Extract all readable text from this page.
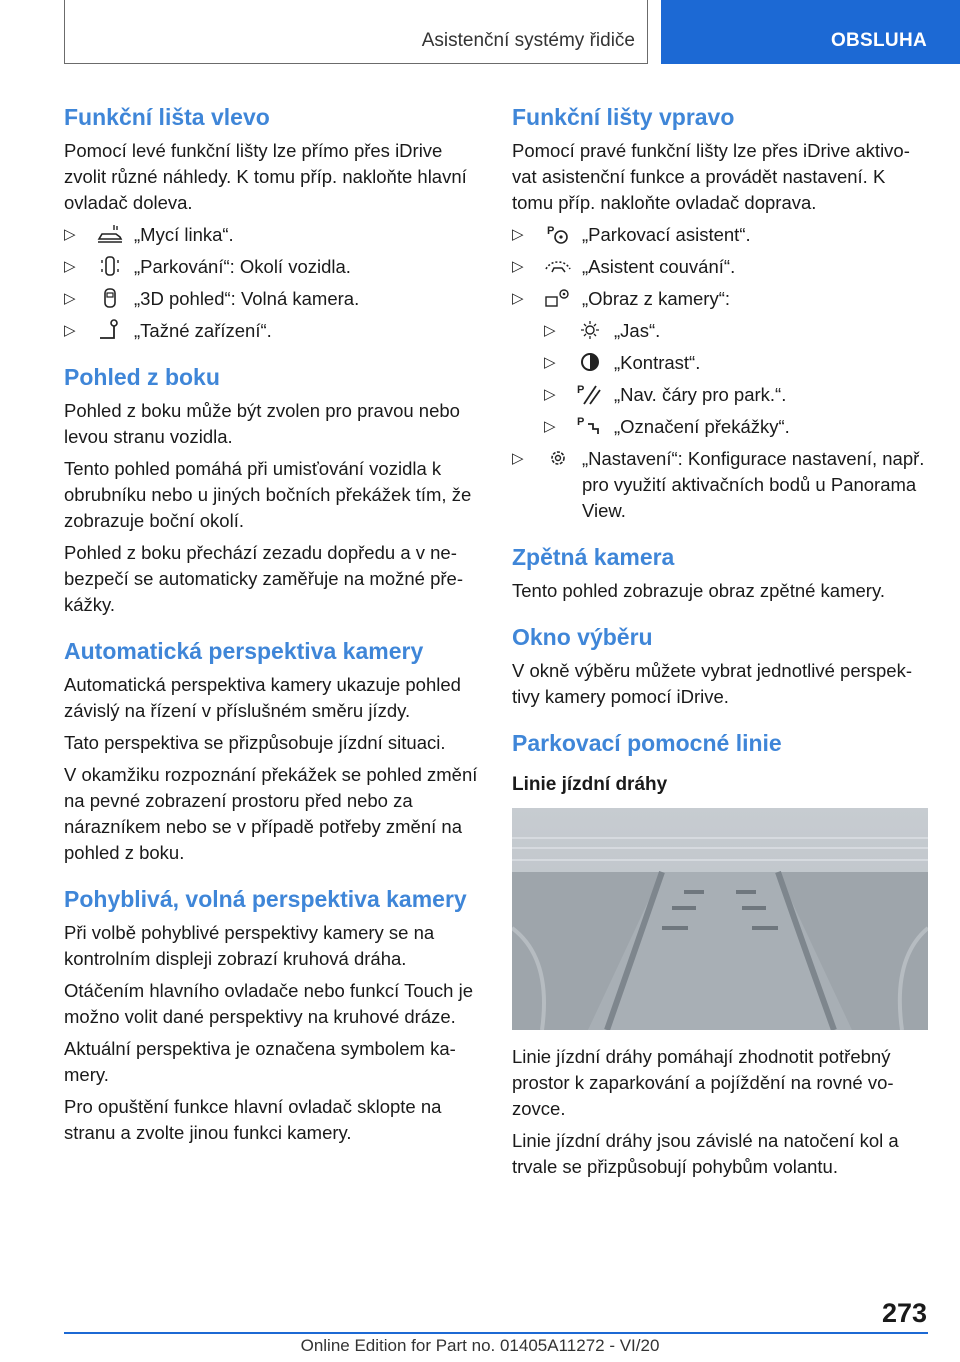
Asistenční systémy řidiče	OBSLUHA
Funkční lišta vlevo

Pomocí levé funkční lišty lze přímo přes iDrive zvolit různé náhledy. K tomu příp. nakloňte hlavní ovladač doleva.

▷	„Mycí linka“.
▷	„Parkování“: Okolí vozidla.
▷	„3D pohled“: Volná kamera.
▷	„Tažné zařízení“.
Pohled z boku

Pohled z boku může být zvolen pro pravou nebo levou stranu vozidla.

Tento pohled pomáhá při umisťování vozidla k obrubníku nebo u jiných bočních překážek tím, že zobrazuje boční okolí.

Pohled z boku přechází zezadu dopředu a v nebezpečí se automaticky zaměřuje na možné překážky.

Automatická perspektiva kamery

Automatická perspektiva kamery ukazuje pohled závislý na řízení v příslušném směru jízdy.

Tato perspektiva se přizpůsobuje jízdní situaci.

V okamžiku rozpoznání překážek se pohled změní na pevné zobrazení prostoru před nebo za nárazníkem nebo se v případě potřeby změní na pohled z boku.

Pohyblivá, volná perspektiva kamery

Při volbě pohyblivé perspektivy kamery se na kontrolním displeji zobrazí kruhová dráha.

Otáčením hlavního ovladače nebo funkcí Touch je možno volit dané perspektivy na kruhové dráze.

Aktuální perspektiva je označena symbolem kamery.

Pro opuštění funkce hlavní ovladač sklopte na stranu a zvolte jinou funkci kamery.

Funkční lišty vpravo

Pomocí pravé funkční lišty lze přes iDrive aktivovat asistenční funkce a provádět nastavení. K tomu příp. nakloňte ovladač doprava.

▷ P „Parkovací asistent“.
▷	„Asistent couvání“.
▷	„Obraz z kamery“:
▷	„Jas“.
▷	„Kontrast“.
▷ P „Nav. čáry pro park.“.
▷ P „Označení překážky“.
▷	„Nastavení“: Konfigurace nastavení, např. pro využití aktivačních bodů u Panorama View.
Zpětná kamera

Tento pohled zobrazuje obraz zpětné kamery.

Okno výběru

V okně výběru můžete vybrat jednotlivé perspektivy kamery pomocí iDrive.

Parkovací pomocné linie
Linie jízdní dráhy

Linie jízdní dráhy pomáhají zhodnotit potřebný prostor k zaparkování a pojíždění na rovné vozovce.

Linie jízdní dráhy jsou závislé na natočení kol a trvale se přizpůsobují pohybům volantu.

273
Online Edition for Part no. 01405A11272 - VI/20
